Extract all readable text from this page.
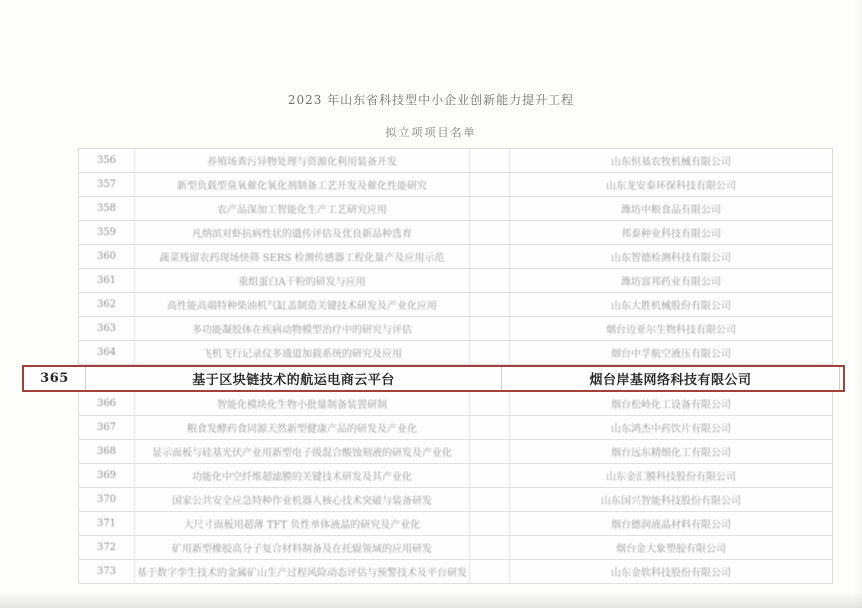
2023 年山东省科技型中小企业创新能力提升工程
拟立项项目名单
356	养殖场粪污异物处理与资源化利用装备开发	山东恒基农牧机械有限公司
357	新型负载型臭氧催化氧化剂制备工艺开发及催化性能研究	山东龙安泰环保科技有限公司
358	农产品深加工智能化生产工艺研究应用	潍坊中粮食品有限公司
359	凡纳滨对虾抗病性状的遗传评估及优良新品种选育	邦泰种业科技有限公司
360	蔬菜残留农药现场快筛 SERS 检测传感器工程化量产及应用示范	山东智德检测科技有限公司
361	重组蛋白A干粉的研发与应用	潍坊富邦药业有限公司
362	高性能高端特种柴油机气缸盖制造关键技术研发及产业化应用	山东大胜机械股份有限公司
363	多功能凝胶体在疾病动物模型治疗中的研究与评估	烟台迈亚尔生物科技有限公司
364	飞机飞行记录仪多通道加载系统的研究及应用	烟台中孚航空液压有限公司
365	基于区块链技术的航运电商云平台	烟台岸基网络科技有限公司
366	智能化模块化生物小批量制备装置研制	烟台松岭化工设备有限公司
367	粮食发酵药食同源天然新型健康产品的研发及产业化	山东鸿杰中药饮片有限公司
368	显示面板与硅基光伏产业用新型电子级混合酸蚀刻液的研发及产业化	烟台远东精细化工有限公司
369	功能化中空纤维超滤膜的关键技术研发及其产业化	山东金汇膜科技股份有限公司
370	国家公共安全应急特种作业机器人核心技术突破与装备研发	山东国兴智能科技股份有限公司
371	大尺寸面板用超薄 TFT 负性单体液晶的研究及产业化	烟台德润液晶材料有限公司
372	矿用新型橡胶高分子复合材料制备及在托辊领域的应用研发	烟台金大象塑胶有限公司
373	基于数字孪生技术的金属矿山生产过程风险动态评估与预警技术及平台研发	山东金软科技股份有限公司
